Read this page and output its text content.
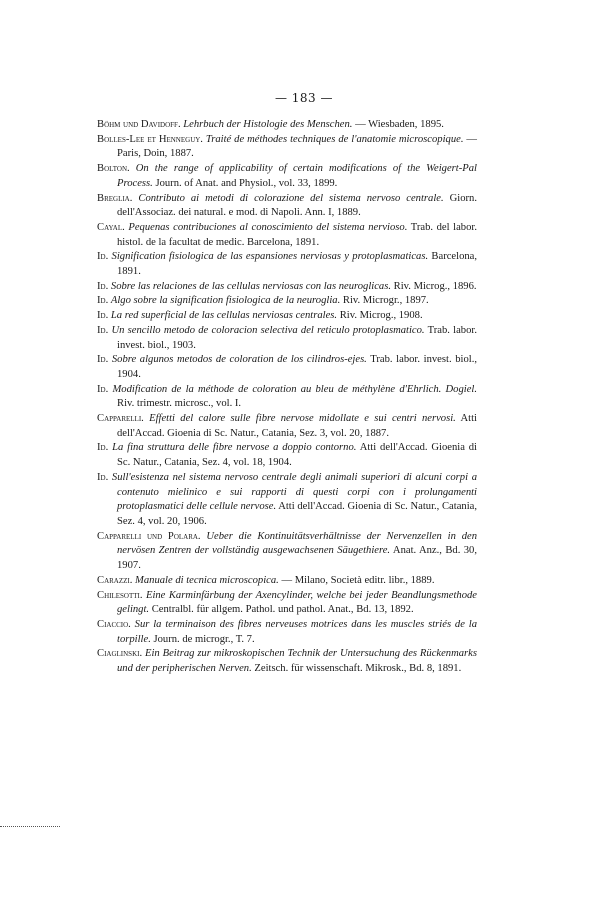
— 183 —

Böhm und Davidoff. Lehrbuch der Histologie des Menschen. — Wiesbaden, 1895.

Bolles-Lee et Henneguy. Traité de méthodes techniques de l'anatomie microscopique. — Paris, Doin, 1887.

Bolton. On the range of applicability of certain modifications of the Weigert-Pal Process. Journ. of Anat. and Physiol., vol. 33, 1899.

Breglia. Contributo ai metodi di colorazione del sistema nervoso centrale. Giorn. dell'Associaz. dei natural. e mod. di Napoli. Ann. I, 1889.

Cayal. Pequenas contribuciones al conoscimiento del sistema nervioso. Trab. del labor. histol. de la facultat de medic. Barcelona, 1891.

Id. Signification fisiologica de las espansiones nerviosas y protoplasmaticas. Barcelona, 1891.

Id. Sobre las relaciones de las cellulas nerviosas con las neuroglicas. Riv. Microg., 1896.

Id. Algo sobre la signification fisiologica de la neuroglia. Riv. Microgr., 1897.

Id. La red superficial de las cellulas nerviosas centrales. Riv. Microg., 1908.

Id. Un sencillo metodo de coloracion selectiva del reticulo protoplasmatico. Trab. labor. invest. biol., 1903.

Id. Sobre algunos metodos de coloration de los cilindros-ejes. Trab. labor. invest. biol., 1904.

Id. Modification de la méthode de coloration au bleu de méthylène d'Ehrlich. Dogiel. Riv. trimestr. microsc., vol. I.

Capparelli. Effetti del calore sulle fibre nervose midollate e sui centri nervosi. Atti dell'Accad. Gioenia di Sc. Natur., Catania, Sez. 3, vol. 20, 1887.

Id. La fina struttura delle fibre nervose a doppio contorno. Atti dell'Accad. Gioenia di Sc. Natur., Catania, Sez. 4, vol. 18, 1904.

Id. Sull'esistenza nel sistema nervoso centrale degli animali superiori di alcuni corpi a contenuto mielinico e sui rapporti di questi corpi con i prolungamenti protoplasmatici delle cellule nervose. Atti dell'Accad. Gioenia di Sc. Natur., Catania, Sez. 4, vol. 20, 1906.

Capparelli und Polara. Ueber die Kontinuitätsverhältnisse der Nervenzellen in den nervösen Zentren der vollständig ausgewachsenen Säugethiere. Anat. Anz., Bd. 30, 1907.

Carazzi. Manuale di tecnica microscopica. — Milano, Società editr. libr., 1889.

Chilesotti. Eine Karminfärbung der Axencylinder, welche bei jeder Beandlungsmethode gelingt. Centralbl. für allgem. Pathol. und pathol. Anat., Bd. 13, 1892.

Ciaccio. Sur la terminaison des fibres nerveuses motrices dans les muscles striés de la torpille. Journ. de microgr., T. 7.

Ciaglinski. Ein Beitrag zur mikroskopischen Technik der Untersuchung des Rückenmarks und der peripherischen Nerven. Zeitsch. für wissenschaft. Mikrosk., Bd. 8, 1891.
